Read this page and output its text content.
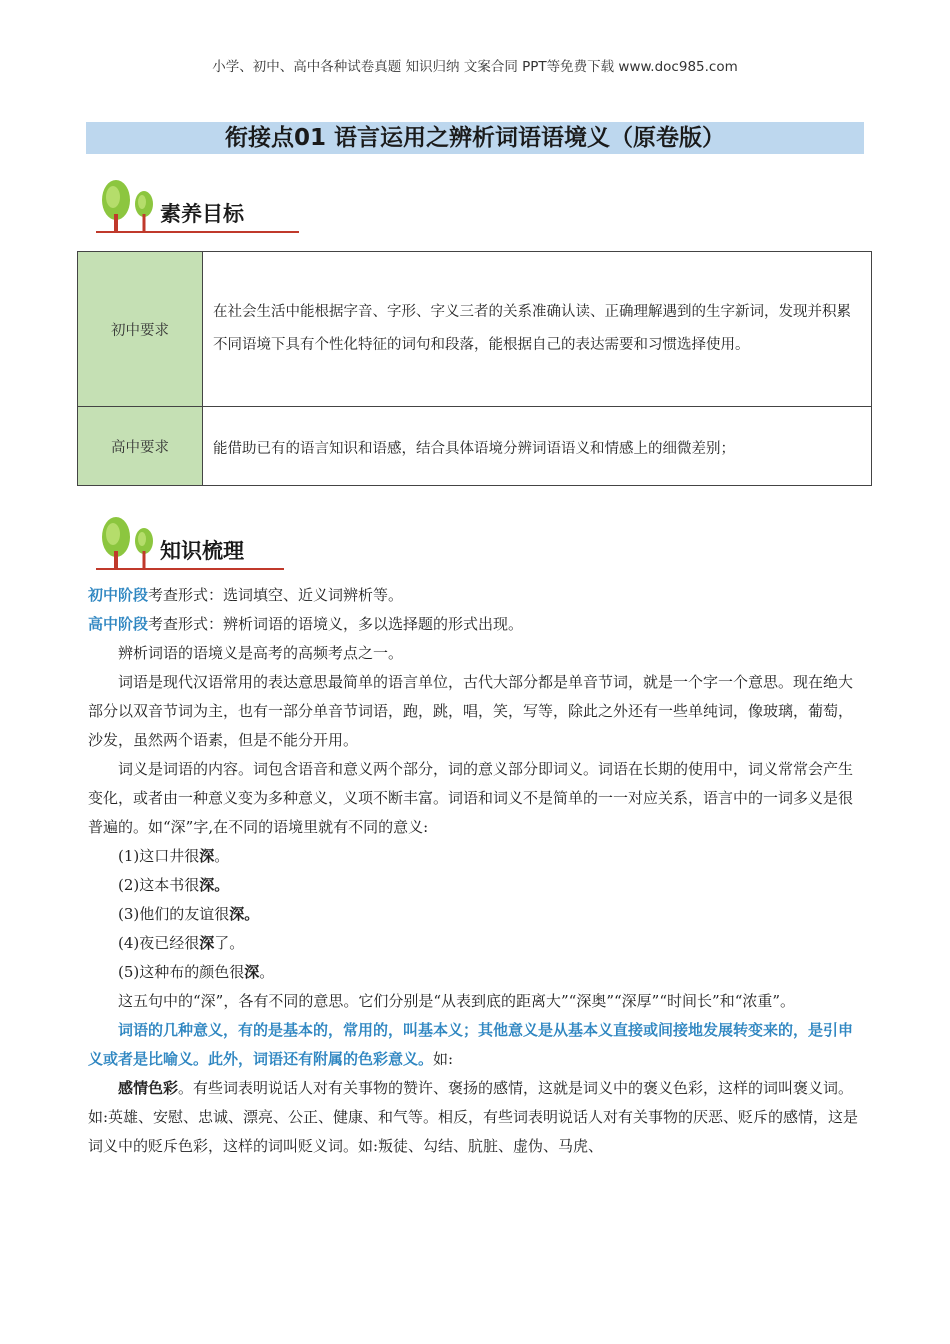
小学、初中、高中各种试卷真题 知识归纳 文案合同 PPT等免费下载 www.doc985.com
衔接点01 语言运用之辨析词语语境义（原卷版）
素养目标
初中要求	在社会生活中能根据字音、字形、字义三者的关系准确认读、正确理解遇到的生字新词，发现并积累不同语境下具有个性化特征的词句和段落，能根据自己的表达需要和习惯选择使用。
高中要求	能借助已有的语言知识和语感，结合具体语境分辨词语语义和情感上的细微差别；
知识梳理

初中阶段考查形式：选词填空、近义词辨析等。

高中阶段考查形式：辨析词语的语境义，多以选择题的形式出现。

辨析词语的语境义是高考的高频考点之一。

词语是现代汉语常用的表达意思最简单的语言单位，古代大部分都是单音节词，就是一个字一个意思。现在绝大部分以双音节词为主，也有一部分单音节词语，跑，跳，唱，笑，写等，除此之外还有一些单纯词，像玻璃，葡萄，沙发，虽然两个语素，但是不能分开用。

词义是词语的内容。词包含语音和意义两个部分，词的意义部分即词义。词语在长期的使用中，词义常常会产生变化，或者由一种意义变为多种意义，义项不断丰富。词语和词义不是简单的一一对应关系，语言中的一词多义是很普遍的。如“深”字,在不同的语境里就有不同的意义:

(1)这口井很深。

(2)这本书很深。

(3)他们的友谊很深。

(4)夜已经很深了。

(5)这种布的颜色很深。

这五句中的“深”，各有不同的意思。它们分别是“从表到底的距离大”“深奥”“深厚”“时间长”和“浓重”。

词语的几种意义，有的是基本的，常用的，叫基本义；其他意义是从基本义直接或间接地发展转变来的，是引申义或者是比喻义。此外，词语还有附属的色彩意义。如:

感情色彩。有些词表明说话人对有关事物的赞许、褒扬的感情，这就是词义中的褒义色彩，这样的词叫褒义词。如:英雄、安慰、忠诚、漂亮、公正、健康、和气等。相反，有些词表明说话人对有关事物的厌恶、贬斥的感情，这是词义中的贬斥色彩，这样的词叫贬义词。如:叛徒、勾结、肮脏、虚伪、马虎、
